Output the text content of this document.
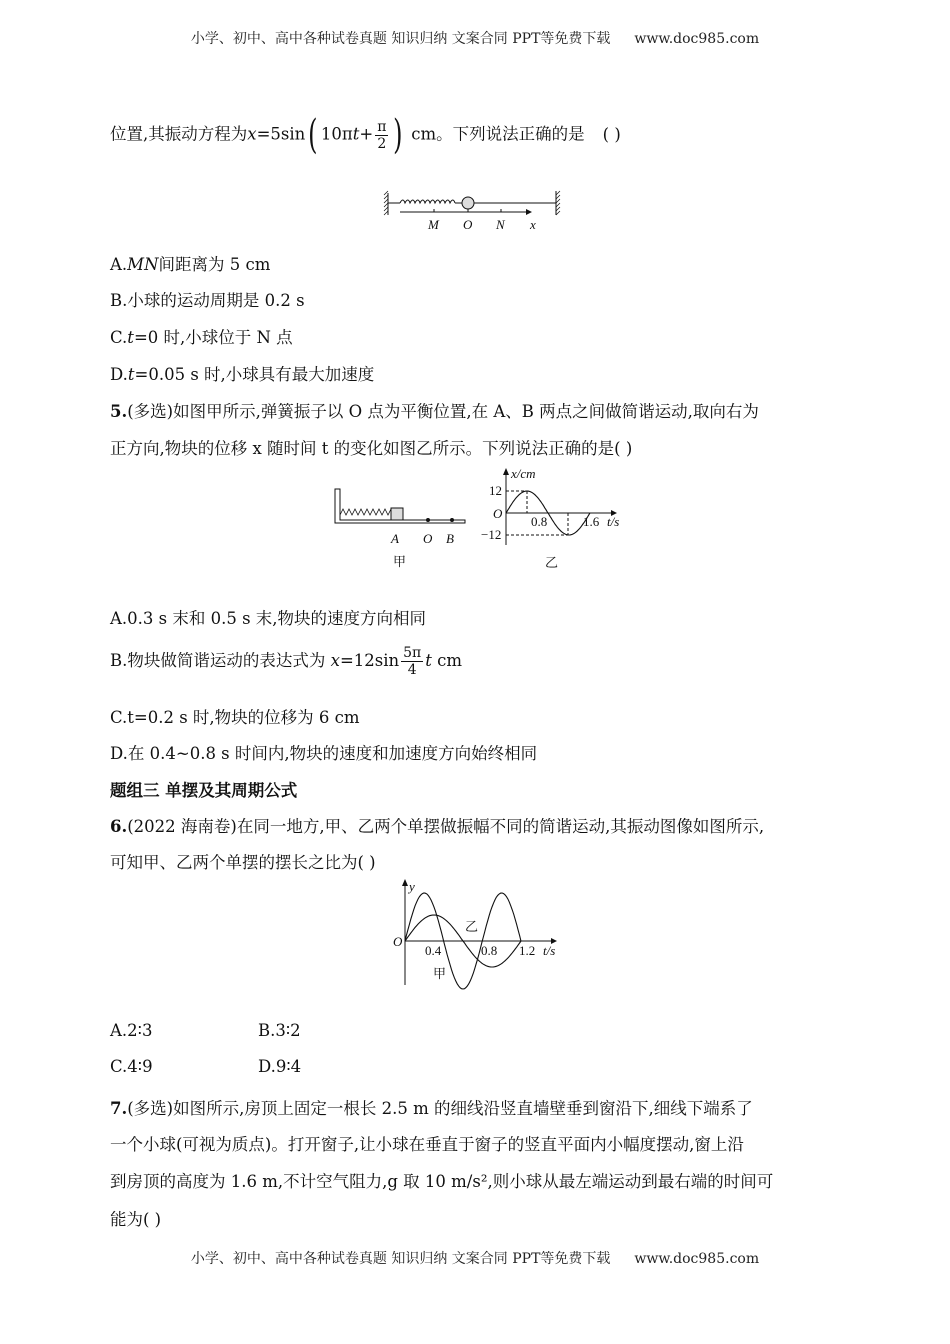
小学、初中、高中各种试卷真题 知识归纳 文案合同 PPT等免费下载 www.doc985.com
位置,其振动方程为x=5sin( $10\pi t+ \frac{\pi}{2}$ ) cm。下列说法正确的是 ( )
M O N x
A.MN间距离为 5 cm
B.小球的运动周期是 0.2 s
C.t=0 时,小球位于 N 点
D.t=0.05 s 时,小球具有最大加速度
5.(多选)如图甲所示,弹簧振子以 O 点为平衡位置,在 A、B 两点之间做简谐运动,取向右为
正方向,物块的位移 x 随时间 t 的变化如图乙所示。下列说法正确的是( )
A O B
甲
x/cm
12
O
−12
0.8	1.6 t/s
乙
A.0.3 s 末和 0.5 s 末,物块的速度方向相同
B.物块做简谐运动的表达式为 $x=12\sin \frac{5\pi}{4}$ t cm
C.t=0.2 s 时,物块的位移为 6 cm
D.在 0.4~0.8 s 时间内,物块的速度和加速度方向始终相同
题组三 单摆及其周期公式
6.(2022 海南卷)在同一地方,甲、乙两个单摆做振幅不同的简谐运动,其振动图像如图所示,
可知甲、乙两个单摆的摆长之比为( )
y
O
0.4	0.8 1.2 t/s
甲
乙
A.2∶3	B.3∶2
C.4∶9	D.9∶4
7.(多选)如图所示,房顶上固定一根长 2.5 m 的细线沿竖直墙壁垂到窗沿下,细线下端系了
一个小球(可视为质点)。打开窗子,让小球在垂直于窗子的竖直平面内小幅度摆动,窗上沿
到房顶的高度为 1.6 m,不计空气阻力,g 取 10 m/s²,则小球从最左端运动到最右端的时间可
能为( )
小学、初中、高中各种试卷真题 知识归纳 文案合同 PPT等免费下载 www.doc985.com
